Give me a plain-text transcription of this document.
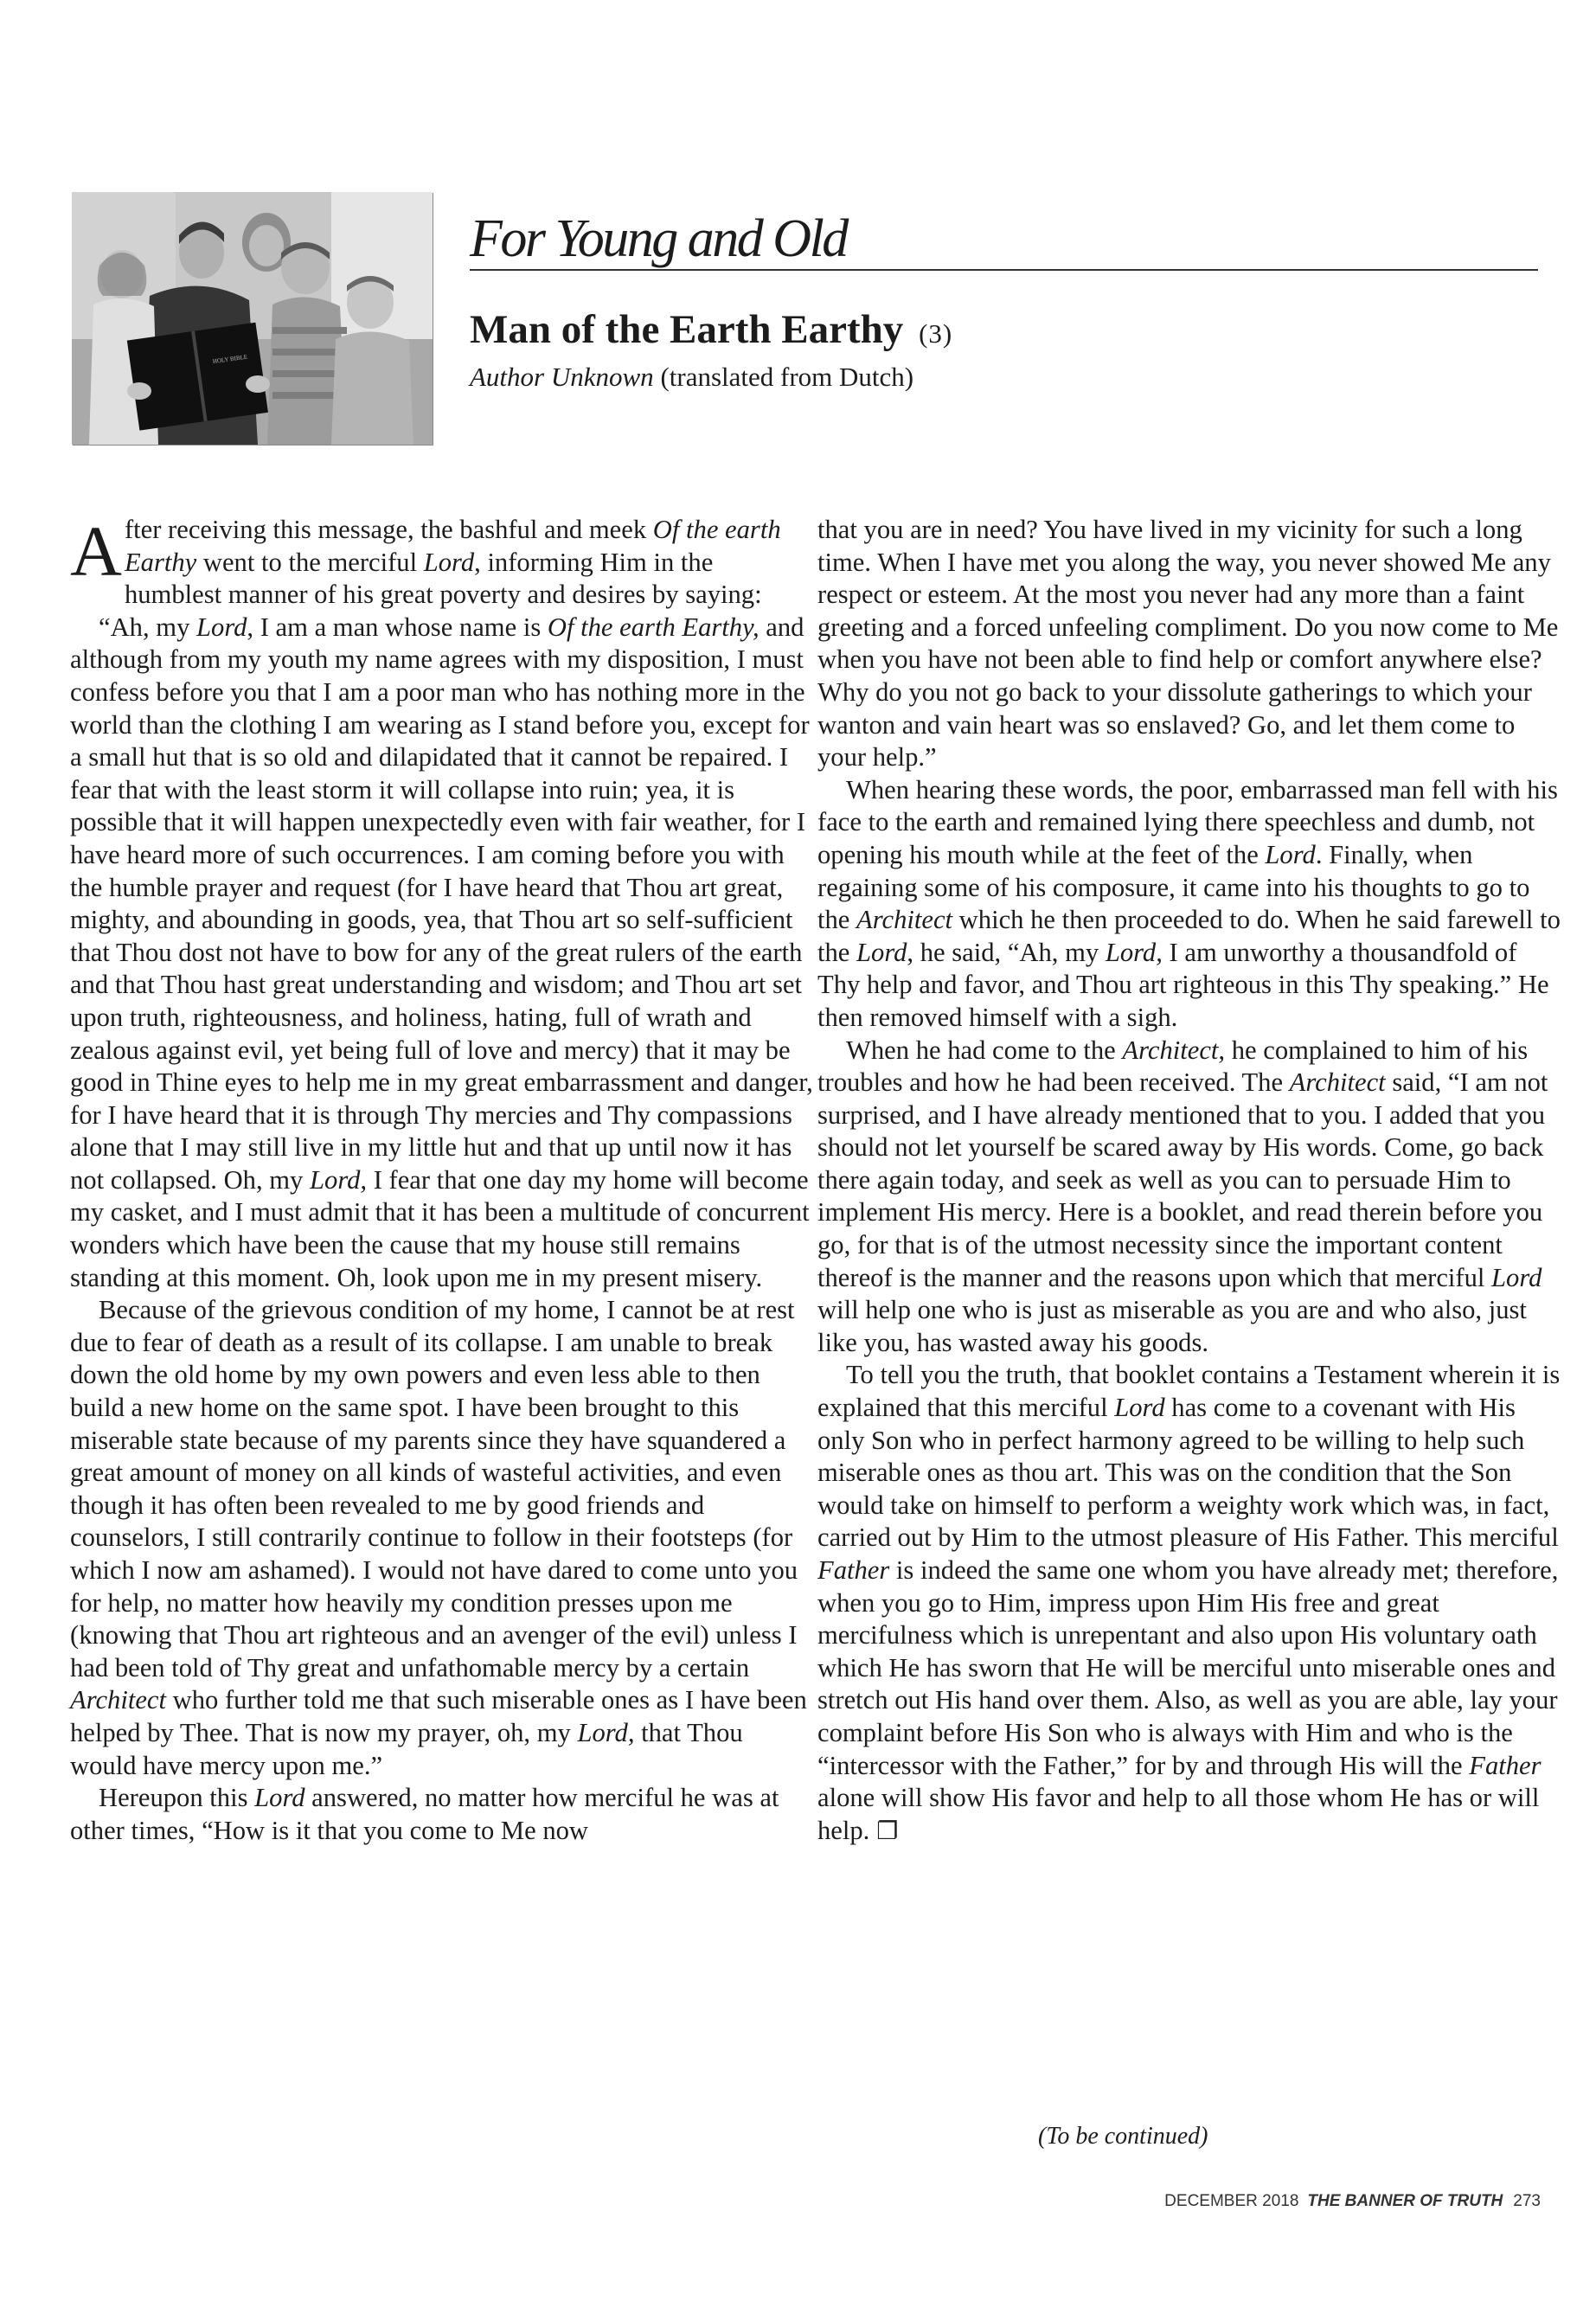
HOLY BIBLE
For Young and Old
Man of the Earth Earthy (3)
Author Unknown (translated from Dutch)

After receiving this message, the bashful and meek Of the earth Earthy went to the merciful Lord, informing Him in the humblest manner of his great poverty and desires by saying:

“Ah, my Lord, I am a man whose name is Of the earth Earthy, and although from my youth my name agrees with my disposition, I must confess before you that I am a poor man who has nothing more in the world than the clothing I am wearing as I stand before you, except for a small hut that is so old and dilapidated that it cannot be repaired. I fear that with the least storm it will collapse into ruin; yea, it is possible that it will happen unexpectedly even with fair weather, for I have heard more of such occurrences. I am coming before you with the humble prayer and request (for I have heard that Thou art great, mighty, and abounding in goods, yea, that Thou art so self-sufficient that Thou dost not have to bow for any of the great rulers of the earth and that Thou hast great understanding and wisdom; and Thou art set upon truth, righteousness, and holiness, hating, full of wrath and zealous against evil, yet being full of love and mercy) that it may be good in Thine eyes to help me in my great embarrassment and danger, for I have heard that it is through Thy mercies and Thy compassions alone that I may still live in my little hut and that up until now it has not collapsed. Oh, my Lord, I fear that one day my home will become my casket, and I must admit that it has been a multitude of concurrent wonders which have been the cause that my house still remains standing at this moment. Oh, look upon me in my present misery.

Because of the grievous condition of my home, I cannot be at rest due to fear of death as a result of its collapse. I am unable to break down the old home by my own powers and even less able to then build a new home on the same spot. I have been brought to this miserable state because of my parents since they have squandered a great amount of money on all kinds of wasteful activities, and even though it has often been revealed to me by good friends and counselors, I still contrarily continue to follow in their footsteps (for which I now am ashamed). I would not have dared to come unto you for help, no matter how heavily my condition presses upon me (knowing that Thou art righteous and an avenger of the evil) unless I had been told of Thy great and unfathomable mercy by a certain Architect who further told me that such miserable ones as I have been helped by Thee. That is now my prayer, oh, my Lord, that Thou would have mercy upon me.”

Hereupon this Lord answered, no matter how merciful he was at other times, “How is it that you come to Me now

that you are in need? You have lived in my vicinity for such a long time. When I have met you along the way, you never showed Me any respect or esteem. At the most you never had any more than a faint greeting and a forced unfeeling compliment. Do you now come to Me when you have not been able to find help or comfort anywhere else? Why do you not go back to your dissolute gatherings to which your wanton and vain heart was so enslaved? Go, and let them come to your help.”

When hearing these words, the poor, embarrassed man fell with his face to the earth and remained lying there speechless and dumb, not opening his mouth while at the feet of the Lord. Finally, when regaining some of his composure, it came into his thoughts to go to the Architect which he then proceeded to do. When he said farewell to the Lord, he said, “Ah, my Lord, I am unworthy a thousandfold of Thy help and favor, and Thou art righteous in this Thy speaking.” He then removed himself with a sigh.

When he had come to the Architect, he complained to him of his troubles and how he had been received. The Architect said, “I am not surprised, and I have already mentioned that to you. I added that you should not let yourself be scared away by His words. Come, go back there again today, and seek as well as you can to persuade Him to implement His mercy. Here is a booklet, and read therein before you go, for that is of the utmost necessity since the important content thereof is the manner and the reasons upon which that merciful Lord will help one who is just as miserable as you are and who also, just like you, has wasted away his goods.

To tell you the truth, that booklet contains a Testament wherein it is explained that this merciful Lord has come to a covenant with His only Son who in perfect harmony agreed to be willing to help such miserable ones as thou art. This was on the condition that the Son would take on himself to perform a weighty work which was, in fact, carried out by Him to the utmost pleasure of His Father. This merciful Father is indeed the same one whom you have already met; therefore, when you go to Him, impress upon Him His free and great mercifulness which is unrepentant and also upon His voluntary oath which He has sworn that He will be merciful unto miserable ones and stretch out His hand over them. Also, as well as you are able, lay your complaint before His Son who is always with Him and who is the “intercessor with the Father,” for by and through His will the Father alone will show His favor and help to all those whom He has or will help. ❐

(To be continued)
DECEMBER 2018 THE BANNER OF TRUTH 273
